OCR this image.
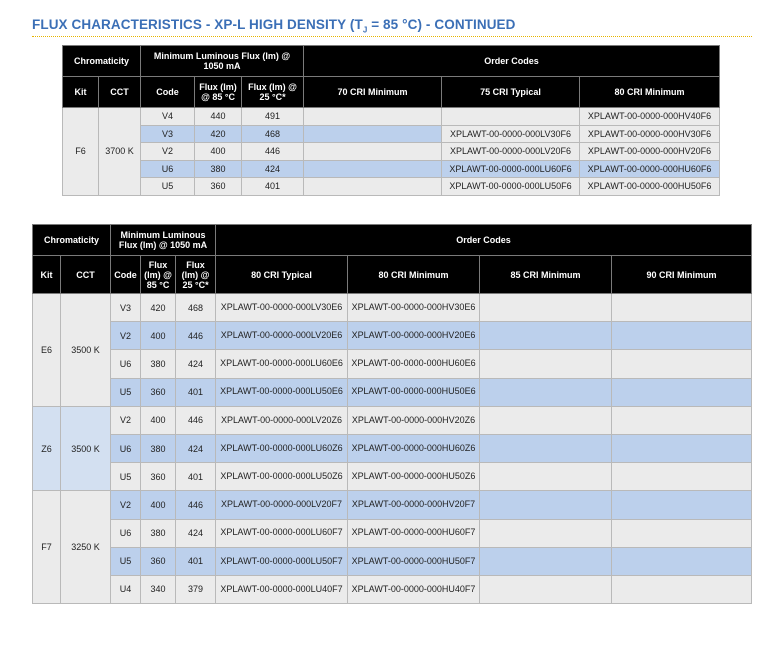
FLUX CHARACTERISTICS - XP-L HIGH DENSITY ($T_J = 85$ °C) - CONTINUED
Chromaticity		Minimum Luminous Flux (lm) @ 1050 mA			Order Codes		
Kit	CCT	Code	Flux (lm) @ 85 °C	Flux (lm) @ 25 °C*	70 CRI Minimum	75 CRI Typical	80 CRI Minimum
F6	3700 K	V4	440	491			XPLAWT-00-0000-000HV40F6
		V3	420	468		XPLAWT-00-0000-000LV30F6	XPLAWT-00-0000-000HV30F6
		V2	400	446		XPLAWT-00-0000-000LV20F6	XPLAWT-00-0000-000HV20F6
		U6	380	424		XPLAWT-00-0000-000LU60F6	XPLAWT-00-0000-000HU60F6
		U5	360	401		XPLAWT-00-0000-000LU50F6	XPLAWT-00-0000-000HU50F6
Chromaticity		Minimum Luminous Flux (lm) @ 1050 mA			Order Codes			
Kit	CCT	Code	Flux (lm) @ 85 °C	Flux (lm) @ 25 °C*	80 CRI Typical	80 CRI Minimum	85 CRI Minimum	90 CRI Minimum
E6	3500 K	V3	420	468	XPLAWT-00-0000-000LV30E6	XPLAWT-00-0000-000HV30E6		
		V2	400	446	XPLAWT-00-0000-000LV20E6	XPLAWT-00-0000-000HV20E6		
		U6	380	424	XPLAWT-00-0000-000LU60E6	XPLAWT-00-0000-000HU60E6		
		U5	360	401	XPLAWT-00-0000-000LU50E6	XPLAWT-00-0000-000HU50E6		
Z6	3500 K	V2	400	446	XPLAWT-00-0000-000LV20Z6	XPLAWT-00-0000-000HV20Z6		
		U6	380	424	XPLAWT-00-0000-000LU60Z6	XPLAWT-00-0000-000HU60Z6		
		U5	360	401	XPLAWT-00-0000-000LU50Z6	XPLAWT-00-0000-000HU50Z6		
F7	3250 K	V2	400	446	XPLAWT-00-0000-000LV20F7	XPLAWT-00-0000-000HV20F7		
		U6	380	424	XPLAWT-00-0000-000LU60F7	XPLAWT-00-0000-000HU60F7		
		U5	360	401	XPLAWT-00-0000-000LU50F7	XPLAWT-00-0000-000HU50F7		
		U4	340	379	XPLAWT-00-0000-000LU40F7	XPLAWT-00-0000-000HU40F7		
